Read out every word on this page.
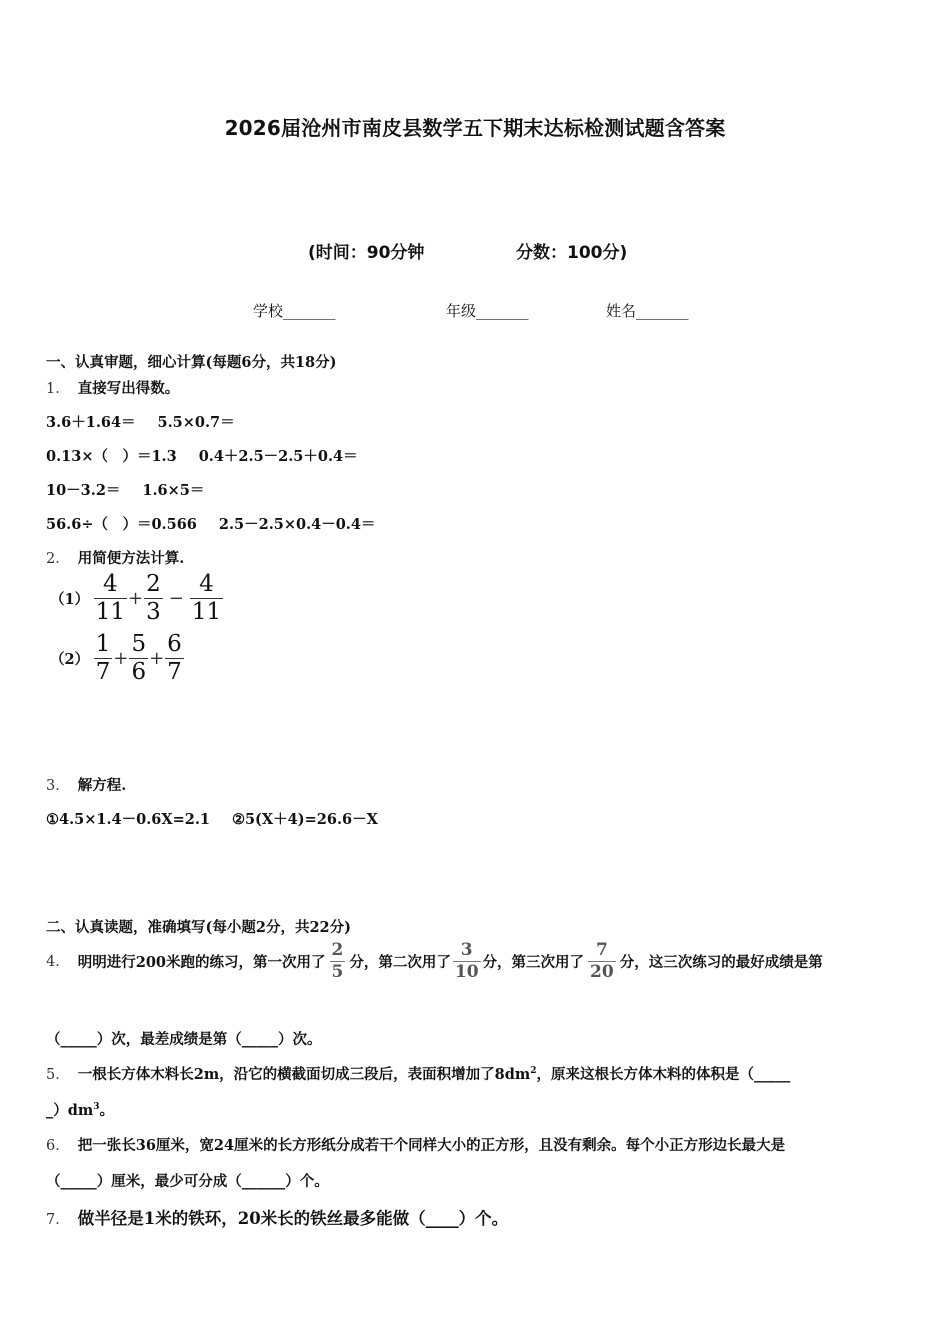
2026届沧州市南皮县数学五下期末达标检测试题含答案
(时间：90分钟	分数：100分)
学校_______	年级_______	姓名_______
一、认真审题，细心计算(每题6分，共18分)
1． 直接写出得数。
3.6＋1.64＝ 5.5×0.7＝
0.13×（　）＝1.3 0.4＋2.5－2.5＋0.4＝
10－3.2＝ 1.6×5＝
56.6÷（　）＝0.566 2.5－2.5×0.4－0.4＝
2． 用简便方法计算.
$(1) \frac{4}{11} + \frac{2}{3} - \frac{4}{11}$
$(2) \frac{1}{7} + \frac{5}{6} + \frac{6}{7}$
3． 解方程.
①4.5×1.4－0.6X=2.1 ②5(X＋4)=26.6－X
二、认真读题，准确填写(每小题2分，共22分)
4． 明明进行200米跑的练习，第一次用了 $\frac{2}{5}$ 分，第二次用了 $\frac{3}{10}$ 分，第三次用了 $\frac{7}{20}$ 分，这三次练习的最好成绩是第
（_____）次，最差成绩是第（_____）次。
5． 一根长方体木料长2m，沿它的横截面切成三段后，表面积增加了$8dm^2$，原来这根长方体木料的体积是（_____
$\_)dm^3$。
6． 把一张长36厘米，宽24厘米的长方形纸分成若干个同样大小的正方形，且没有剩余。每个小正方形边长最大是
（_____）厘米，最少可分成（______）个。
7． 做半径是1米的铁环，20米长的铁丝最多能做（____）个。
